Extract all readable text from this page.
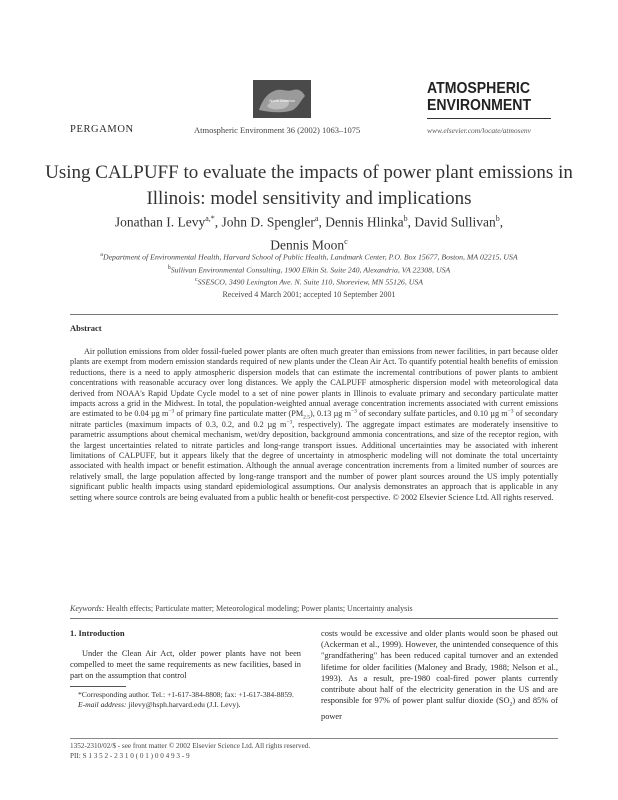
North America
PERGAMON	Atmospheric Environment 36 (2002) 1063–1075
ATMOSPHERIC
ENVIRONMENT
www.elsevier.com/locate/atmosenv
Using CALPUFF to evaluate the impacts of power plant emissions in Illinois: model sensitivity and implications
Jonathan I. Levy$^{a,*}$, John D. Spengler$^a$, Dennis Hlinka$^b$, David Sullivan$^b$,
Dennis Moon$^c$
$^a$Department of Environmental Health, Harvard School of Public Health, Landmark Center, P.O. Box 15677, Boston, MA 02215, USA
$^b$Sullivan Environmental Consulting, 1900 Elkin St. Suite 240, Alexandria, VA 22308, USA
$^c$SSESCO, 3490 Lexington Ave. N. Suite 110, Shoreview, MN 55126, USA
Received 4 March 2001; accepted 10 September 2001
Abstract

Air pollution emissions from older fossil-fueled power plants are often much greater than emissions from newer facilities, in part because older plants are exempt from modern emission standards required of new plants under the Clean Air Act. To quantify potential health benefits of emission reductions, there is a need to apply atmospheric dispersion models that can estimate the incremental contributions of power plants to ambient concentrations with reasonable accuracy over long distances. We apply the CALPUFF atmospheric dispersion model with meteorological data derived from NOAA's Rapid Update Cycle model to a set of nine power plants in Illinois to evaluate primary and secondary particulate matter impacts across a grid in the Midwest. In total, the population-weighted annual average concentration increments associated with current emissions are estimated to be 0.04 µg $m^{-3}$ of primary fine particulate matter $(PM_{2.5})$, 0.13 µg $m^{-3}$ of secondary sulfate particles, and 0.10 µg $m^{-3}$ of secondary nitrate particles (maximum impacts of 0.3, 0.2, and 0.2 µg $m^{-3}$, respectively). The aggregate impact estimates are moderately insensitive to parametric assumptions about chemical mechanism, wet/dry deposition, background ammonia concentrations, and size of the receptor region, with the largest uncertainties related to nitrate particles and long-range transport issues. Additional uncertainties may be associated with inherent limitations of CALPUFF, but it appears likely that the degree of uncertainty in atmospheric modeling will not dominate the total uncertainty associated with health impact or benefit estimation. Although the annual average concentration increments from a limited number of sources are relatively small, the large population affected by long-range transport and the number of power plant sources around the US imply potentially significant public health impacts using standard epidemiological assumptions. Our analysis demonstrates an approach that is applicable in any setting where source controls are being evaluated from a public health or benefit-cost perspective. © 2002 Elsevier Science Ltd. All rights reserved.

Keywords: Health effects; Particulate matter; Meteorological modeling; Power plants; Uncertainty analysis
1. Introduction
Under the Clean Air Act, older power plants have not been compelled to meet the same requirements as new facilities, based in part on the assumption that control
costs would be excessive and older plants would soon be phased out (Ackerman et al., 1999). However, the unintended consequence of this "grandfathering" has been reduced capital turnover and an extended lifetime for older facilities (Maloney and Brady, 1988; Nelson et al., 1993). As a result, pre-1980 coal-fired power plants currently contribute about half of the electricity generation in the US and are responsible for 97% of power plant sulfur dioxide $(SO_2)$ and 85% of power
*Corresponding author. Tel.: +1-617-384-8808; fax: +1-617-384-8859.
E-mail address: jilevy@hsph.harvard.edu (J.I. Levy).
1352-2310/02/$ - see front matter © 2002 Elsevier Science Ltd. All rights reserved.
PII: S 1 3 5 2 - 2 3 1 0 ( 0 1 ) 0 0 4 9 3 - 9
